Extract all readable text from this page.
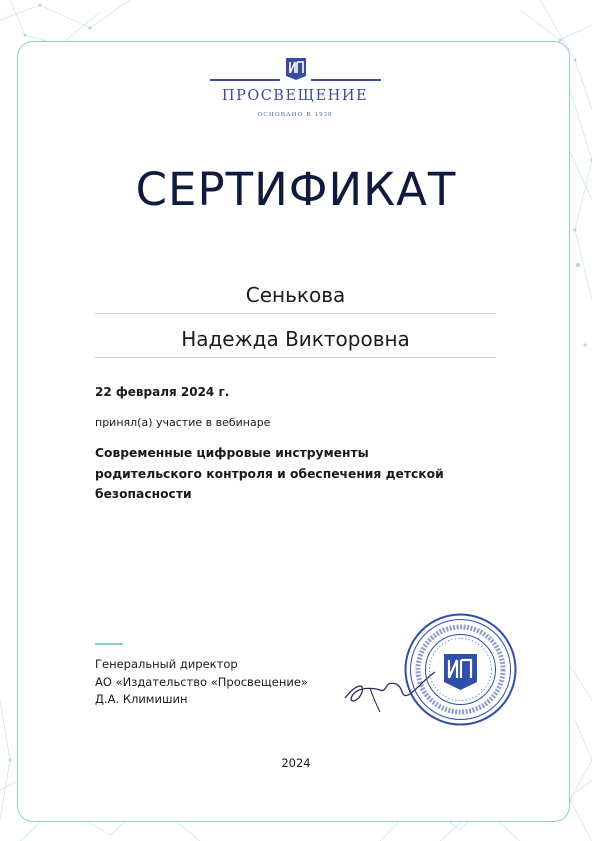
ПРОСВЕЩЕНИЕ
ОСНОВАНО В 1930
СЕРТИФИКАТ
Сенькова
Надежда Викторовна
22 февраля 2024 г.
принял(а) участие в вебинаре
Современные цифровые инструменты родительского контроля и обеспечения детской безопасности
Генеральный директор
АО «Издательство «Просвещение»
Д.А. Климишин
2024
